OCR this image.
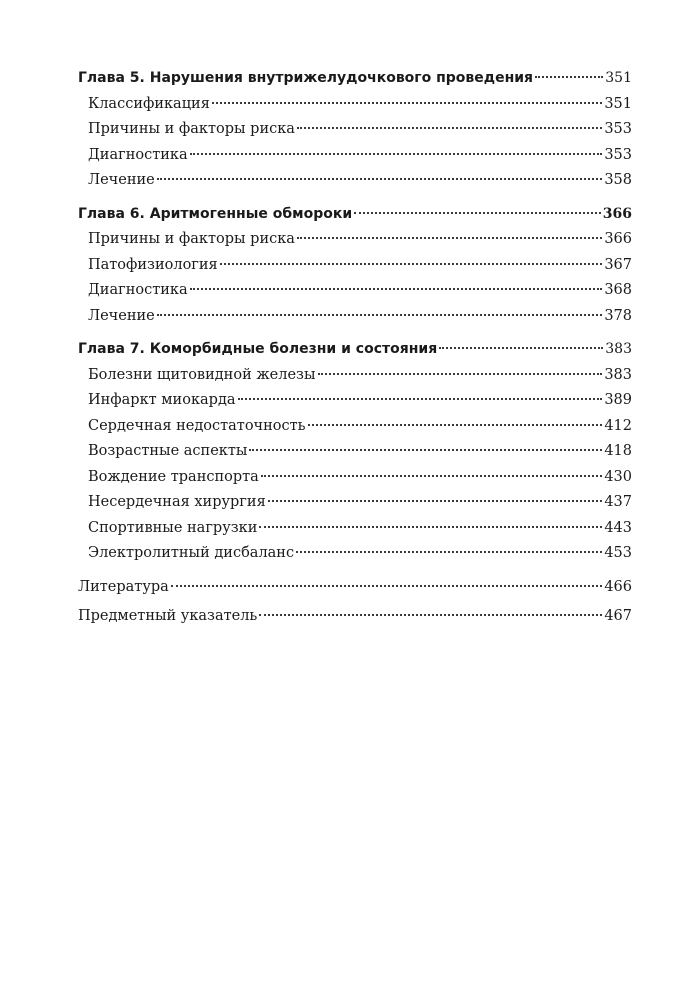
Глава 5. Нарушения внутрижелудочкового проведения	351
Классификация	351
Причины и факторы риска	353
Диагностика	353
Лечение	358
Глава 6. Аритмогенные обмороки	366
Причины и факторы риска	366
Патофизиология	367
Диагностика	368
Лечение	378
Глава 7. Коморбидные болезни и состояния	383
Болезни щитовидной железы	383
Инфаркт миокарда	389
Сердечная недостаточность	412
Возрастные аспекты	418
Вождение транспорта	430
Несердечная хирургия	437
Спортивные нагрузки	443
Электролитный дисбаланс	453
Литература	466
Предметный указатель	467
